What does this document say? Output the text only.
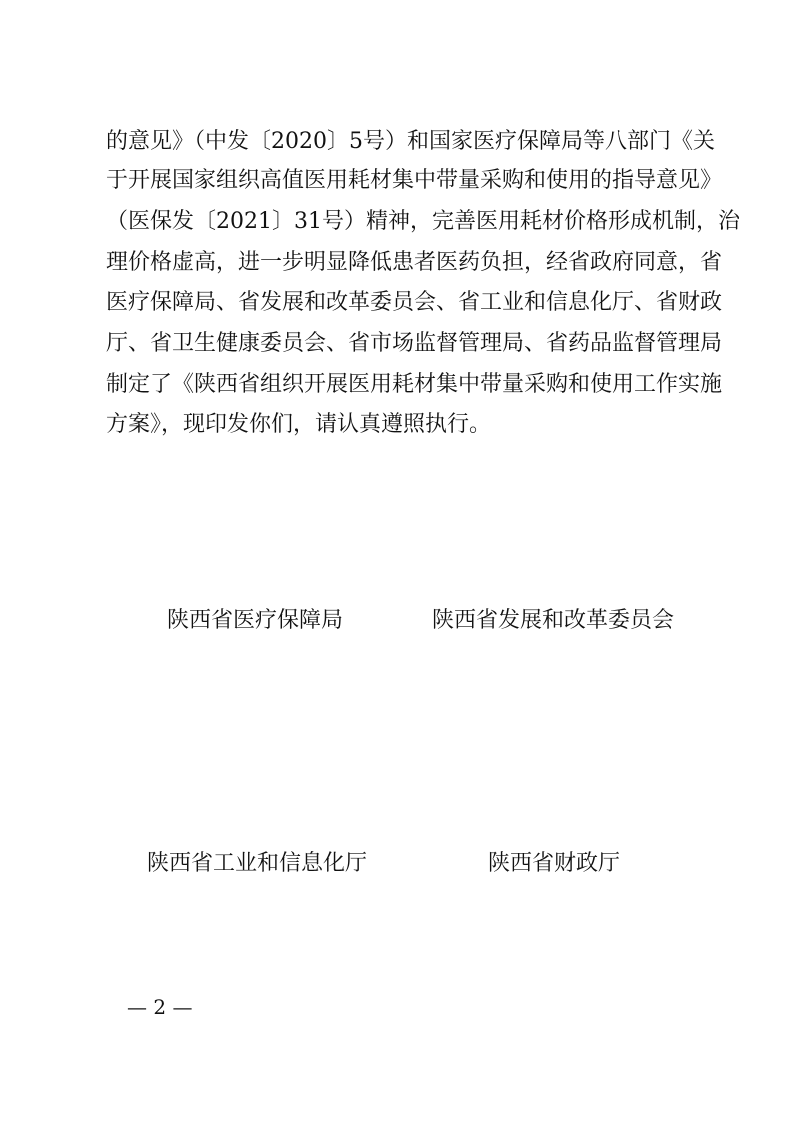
的意见》（中发〔2020〕5号）和国家医疗保障局等八部门《关
于开展国家组织高值医用耗材集中带量采购和使用的指导意见》
（医保发〔2021〕31号）精神，完善医用耗材价格形成机制，治
理价格虚高，进一步明显降低患者医药负担，经省政府同意，省
医疗保障局、省发展和改革委员会、省工业和信息化厅、省财政
厅、省卫生健康委员会、省市场监督管理局、省药品监督管理局
制定了《陕西省组织开展医用耗材集中带量采购和使用工作实施
方案》，现印发你们，请认真遵照执行。
陕西省医疗保障局	陕西省发展和改革委员会
陕西省工业和信息化厅	陕西省财政厅
— 2 —
